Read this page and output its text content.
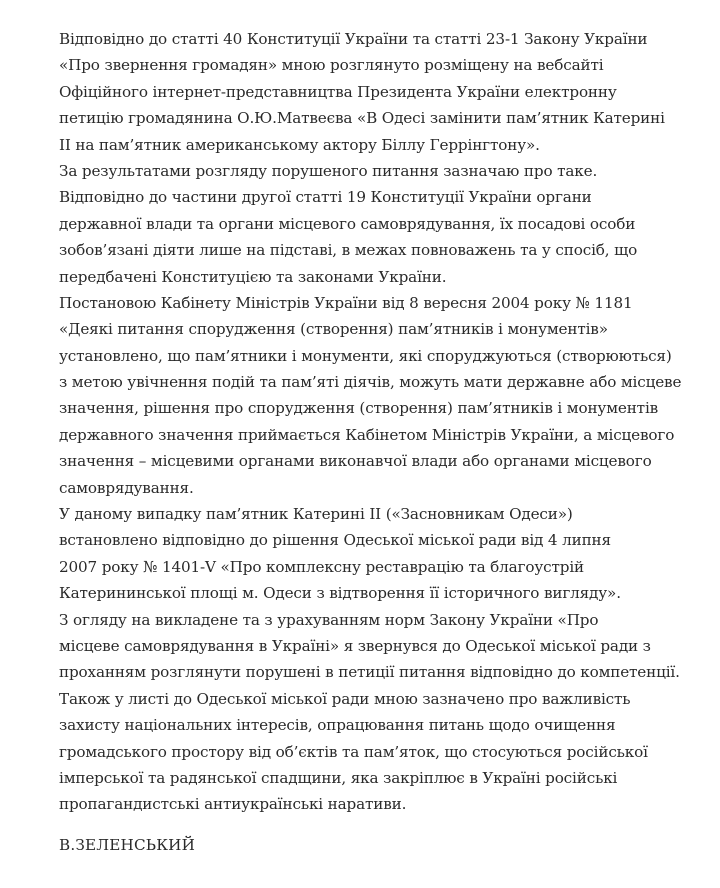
Відповідно до статті 40 Конституції України та статті 23-1 Закону України
«Про звернення громадян» мною розглянуто розміщену на вебсайті
Офіційного інтернет-представництва Президента України електронну
петицію громадянина О.Ю.Матвеєва «В Одесі замінити пам’ятник Катерині
ІІ на пам’ятник американському актору Біллу Геррінгтону».
За результатами розгляду порушеного питання зазначаю про таке.
Відповідно до частини другої статті 19 Конституції України органи
державної влади та органи місцевого самоврядування, їх посадові особи
зобов’язані діяти лише на підставі, в межах повноважень та у спосіб, що
передбачені Конституцією та законами України.
Постановою Кабінету Міністрів України від 8 вересня 2004 року № 1181
«Деякі питання спорудження (створення) пам’ятників і монументів»
установлено, що пам’ятники і монументи, які споруджуються (створюються)
з метою увічнення подій та пам’яті діячів, можуть мати державне або місцеве
значення, рішення про спорудження (створення) пам’ятників і монументів
державного значення приймається Кабінетом Міністрів України, а місцевого
значення – місцевими органами виконавчої влади або органами місцевого
самоврядування.
У даному випадку пам’ятник Катерині ІІ («Засновникам Одеси»)
встановлено відповідно до рішення Одеської міської ради від 4 липня
2007 року № 1401-V «Про комплексну реставрацію та благоустрій
Катерининської площі м. Одеси з відтворення її історичного вигляду».
З огляду на викладене та з урахуванням норм Закону України «Про
місцеве самоврядування в Україні» я звернувся до Одеської міської ради з
проханням розглянути порушені в петиції питання відповідно до компетенції.
Також у листі до Одеської міської ради мною зазначено про важливість
захисту національних інтересів, опрацювання питань щодо очищення
громадського простору від об’єктів та пам’яток, що стосуються російської
імперської та радянської спадщини, яка закріплює в Україні російські
пропагандистські антиукраїнські наративи.
В.ЗЕЛЕНСЬКИЙ
